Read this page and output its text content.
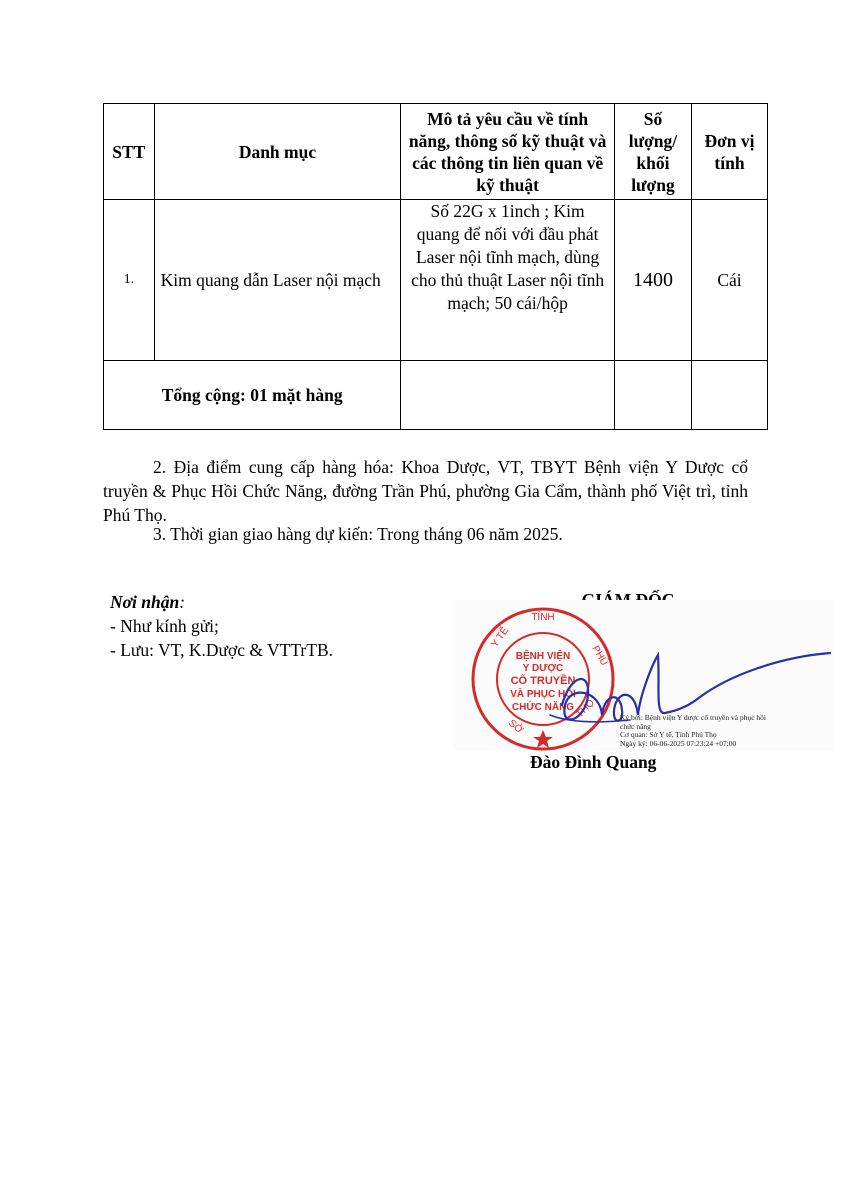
STT	Danh mục	Mô tả yêu cầu về tính năng, thông số kỹ thuật và các thông tin liên quan về kỹ thuật	Số lượng/ khối lượng	Đơn vị tính
1.	Kim quang dẫn Laser nội mạch	Số 22G x 1inch ; Kim quang để nối với đầu phát Laser nội tĩnh mạch, dùng cho thủ thuật Laser nội tĩnh mạch; 50 cái/hộp	1400	Cái
Tổng cộng: 01 mặt hàng				
2. Địa điểm cung cấp hàng hóa: Khoa Dược, VT, TBYT Bệnh viện Y Dược cổ truyền & Phục Hồi Chức Năng, đường Trần Phú, phường Gia Cẩm, thành phố Việt trì, tỉnh Phú Thọ.
3. Thời gian giao hàng dự kiến: Trong tháng 06 năm 2025.
Nơi nhận:
- Như kính gửi;
- Lưu: VT, K.Dược & VTTrTB.
TỈNH
Y TẾ
PHÚ
SỞ
THỌ
BỆNH VIỆN
Y DƯỢC
CỔ TRUYỀN
VÀ PHỤC HỒI
CHỨC NĂNG
Ký bởi: Bệnh viện Y dược cổ truyền và phục hồi chức năng
Cơ quan: Sở Y tế, Tỉnh Phú Thọ
Ngày ký: 06-06-2025 07:23:24 +07:00
Đào Đình Quang
